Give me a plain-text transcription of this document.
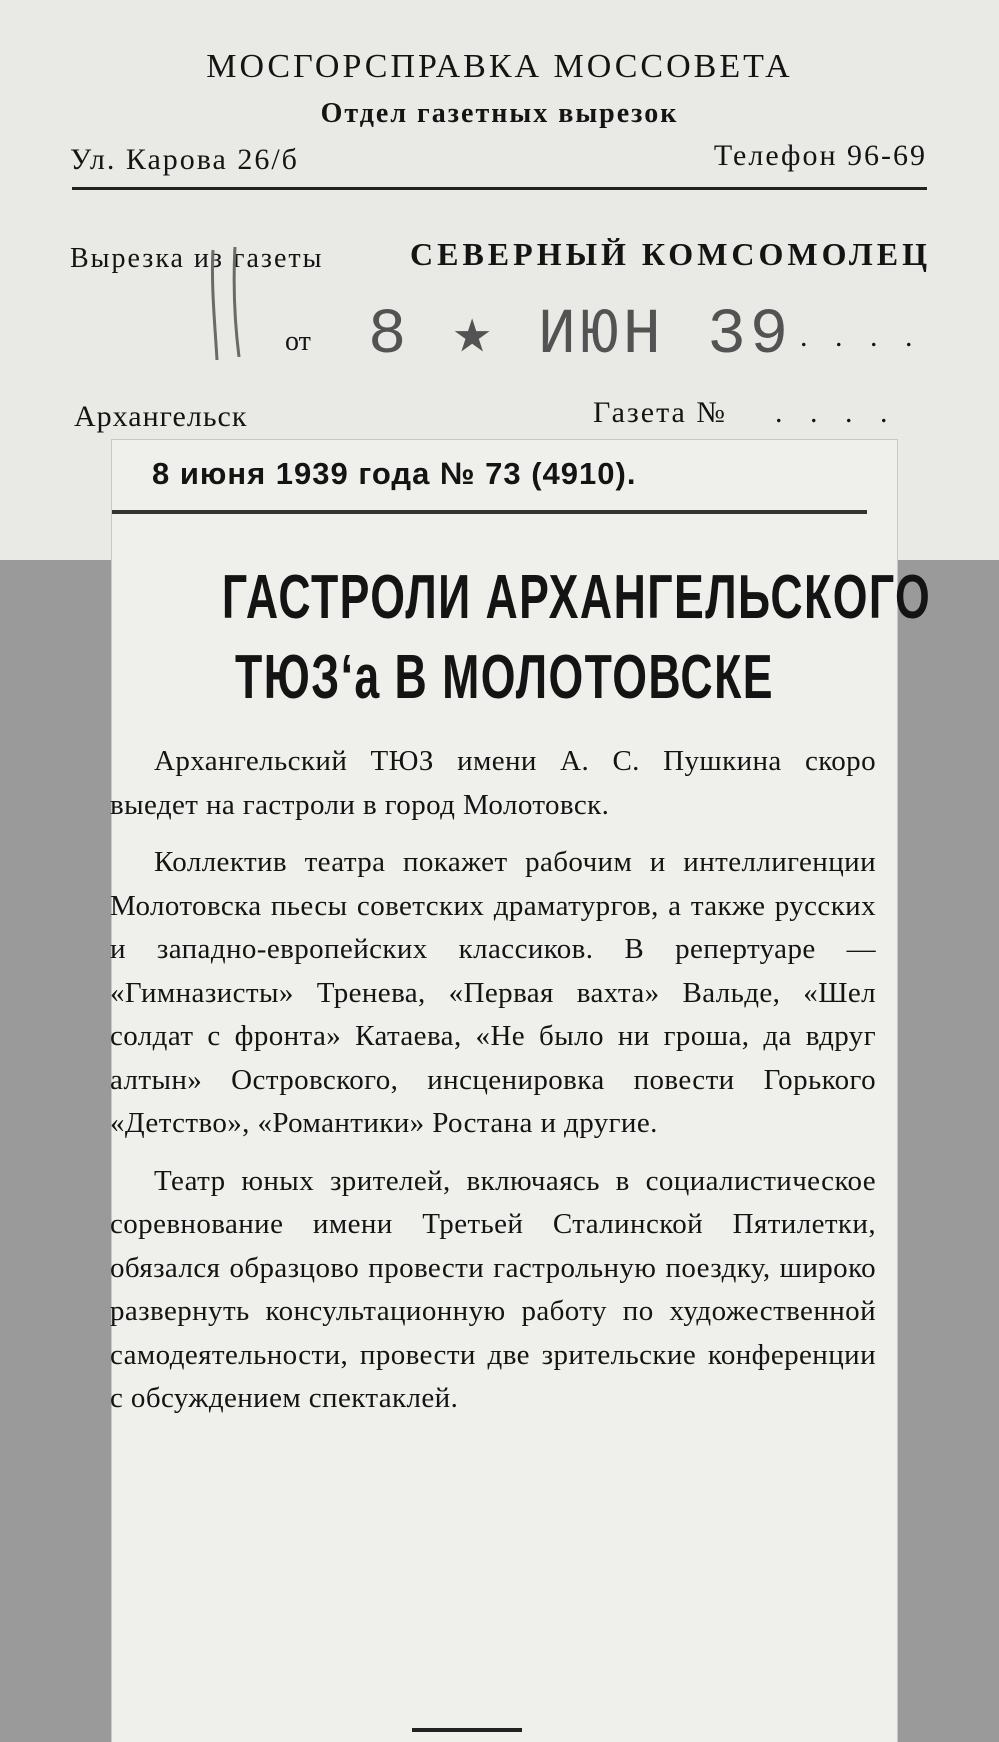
МОСГОРСПРАВКА МОССОВЕТА
Отдел газетных вырезок
Ул. Карова 26/б	Телефон 96-69
Вырезка из газеты	СЕВЕРНЫЙ КОМСОМОЛЕЦ
от 8 ★ ИЮН 39 . . . .
Архангельск	Газета № . . . .
8 июня 1939 года № 73 (4910).
ГАСТРОЛИ АРХАНГЕЛЬСКОГО
ТЮЗ‘а В МОЛОТОВСКЕ

Архангельский ТЮЗ имени А. С. Пушкина скоро выедет на гастроли в город Молотовск.

Коллектив театра покажет рабочим и интеллигенции Молотовска пьесы советских драматургов, а также русских и западно-европейских классиков. В репертуаре — «Гимназисты» Тренева, «Первая вахта» Вальде, «Шел солдат с фронта» Катаева, «Не было ни гроша, да вдруг алтын» Островского, инсценировка повести Горького «Детство», «Романтики» Ростана и другие.

Театр юных зрителей, включаясь в социалистическое соревнование имени Третьей Сталинской Пятилетки, обязался образцово провести гастрольную поездку, широко развернуть консультационную работу по художественной самодеятельности, провести две зрительские конференции с обсуждением спектаклей.
